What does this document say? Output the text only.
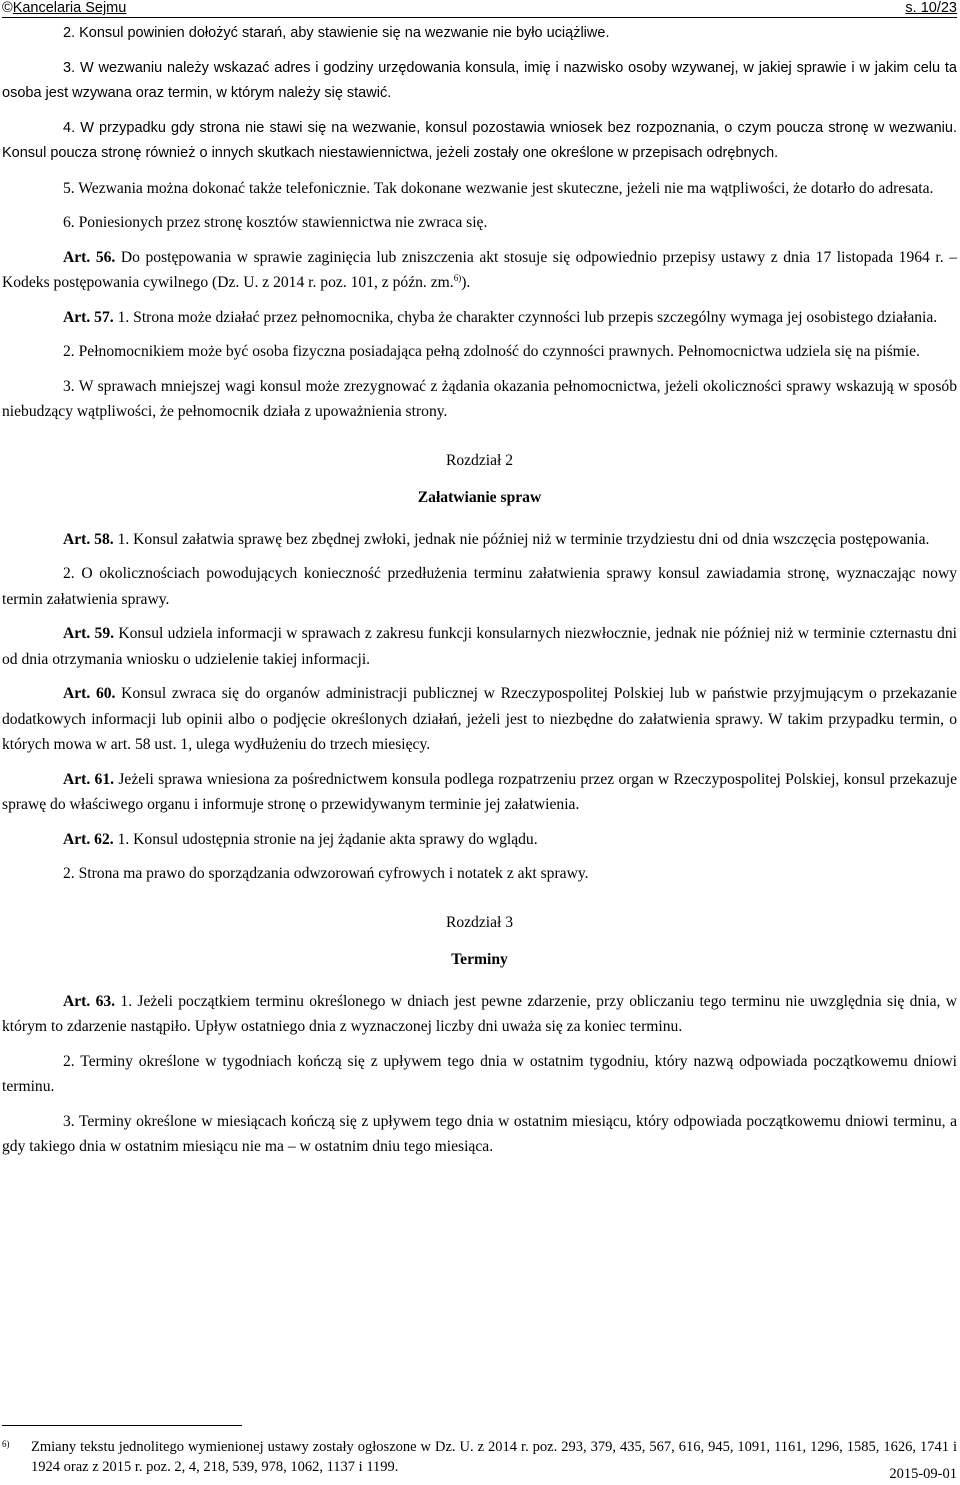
©Kancelaria Sejmu	s. 10/23

2. Konsul powinien dołożyć starań, aby stawienie się na wezwanie nie było uciążliwe.

3. W wezwaniu należy wskazać adres i godziny urzędowania konsula, imię i nazwisko osoby wzywanej, w jakiej sprawie i w jakim celu ta osoba jest wzywana oraz termin, w którym należy się stawić.

4. W przypadku gdy strona nie stawi się na wezwanie, konsul pozostawia wniosek bez rozpoznania, o czym poucza stronę w wezwaniu. Konsul poucza stronę również o innych skutkach niestawiennictwa, jeżeli zostały one określone w przepisach odrębnych.

5. Wezwania można dokonać także telefonicznie. Tak dokonane wezwanie jest skuteczne, jeżeli nie ma wątpliwości, że dotarło do adresata.

6. Poniesionych przez stronę kosztów stawiennictwa nie zwraca się.

Art. 56. Do postępowania w sprawie zaginięcia lub zniszczenia akt stosuje się odpowiednio przepisy ustawy z dnia 17 listopada 1964 r. – Kodeks postępowania cywilnego (Dz. U. z 2014 r. poz. 101, z późn. zm.$^{6)}$).

Art. 57. 1. Strona może działać przez pełnomocnika, chyba że charakter czynności lub przepis szczególny wymaga jej osobistego działania.

2. Pełnomocnikiem może być osoba fizyczna posiadająca pełną zdolność do czynności prawnych. Pełnomocnictwa udziela się na piśmie.

3. W sprawach mniejszej wagi konsul może zrezygnować z żądania okazania pełnomocnictwa, jeżeli okoliczności sprawy wskazują w sposób niebudzący wątpliwości, że pełnomocnik działa z upoważnienia strony.

Rozdział 2

Załatwianie spraw

Art. 58. 1. Konsul załatwia sprawę bez zbędnej zwłoki, jednak nie później niż w terminie trzydziestu dni od dnia wszczęcia postępowania.

2. O okolicznościach powodujących konieczność przedłużenia terminu załatwienia sprawy konsul zawiadamia stronę, wyznaczając nowy termin załatwienia sprawy.

Art. 59. Konsul udziela informacji w sprawach z zakresu funkcji konsularnych niezwłocznie, jednak nie później niż w terminie czternastu dni od dnia otrzymania wniosku o udzielenie takiej informacji.

Art. 60. Konsul zwraca się do organów administracji publicznej w Rzeczypospolitej Polskiej lub w państwie przyjmującym o przekazanie dodatkowych informacji lub opinii albo o podjęcie określonych działań, jeżeli jest to niezbędne do załatwienia sprawy. W takim przypadku termin, o których mowa w art. 58 ust. 1, ulega wydłużeniu do trzech miesięcy.

Art. 61. Jeżeli sprawa wniesiona za pośrednictwem konsula podlega rozpatrzeniu przez organ w Rzeczypospolitej Polskiej, konsul przekazuje sprawę do właściwego organu i informuje stronę o przewidywanym terminie jej załatwienia.

Art. 62. 1. Konsul udostępnia stronie na jej żądanie akta sprawy do wglądu.

2. Strona ma prawo do sporządzania odwzorowań cyfrowych i notatek z akt sprawy.

Rozdział 3

Terminy

Art. 63. 1. Jeżeli początkiem terminu określonego w dniach jest pewne zdarzenie, przy obliczaniu tego terminu nie uwzględnia się dnia, w którym to zdarzenie nastąpiło. Upływ ostatniego dnia z wyznaczonej liczby dni uważa się za koniec terminu.

2. Terminy określone w tygodniach kończą się z upływem tego dnia w ostatnim tygodniu, który nazwą odpowiada początkowemu dniowi terminu.

3. Terminy określone w miesiącach kończą się z upływem tego dnia w ostatnim miesiącu, który odpowiada początkowemu dniowi terminu, a gdy takiego dnia w ostatnim miesiącu nie ma – w ostatnim dniu tego miesiąca.

6) Zmiany tekstu jednolitego wymienionej ustawy zostały ogłoszone w Dz. U. z 2014 r. poz. 293, 379, 435, 567, 616, 945, 1091, 1161, 1296, 1585, 1626, 1741 i 1924 oraz z 2015 r. poz. 2, 4, 218, 539, 978, 1062, 1137 i 1199.	2015-09-01
